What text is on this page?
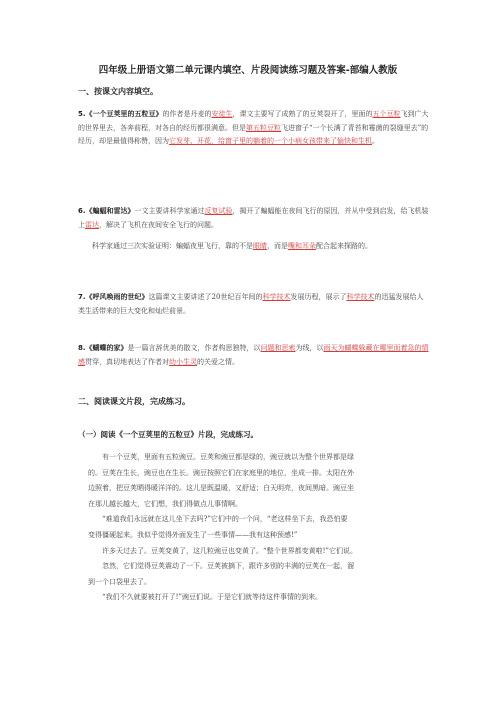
四年级上册语文第二单元课内填空、片段阅读练习题及答案-部编人教版
一、按课文内容填空。

5.《一个豆荚里的五粒豆》的作者是丹麦的安徒生，课文主要写了成熟了的豆荚裂开了，里面的五个豆粒飞到广大的世界里去，各奔前程，对各自的经历都很满意。但是第五粒豆粒飞进窗子“一个长满了青苔和霉菌的裂缝里去”的经历，却是最值得称赞，因为它发芽、开花，给窗子里的躺着的一个小病女孩带来了愉快和生机。

6.《蝙蝠和雷达》一文主要讲科学家通过反复试验，揭开了蝙蝠能在夜间飞行的原因，并从中受到启发，给飞机装上雷达，解决了飞机在夜间安全飞行的问题。

科学家通过三次实验证明：蝙蝠夜里飞行，靠的不是眼睛，而是嘴和耳朵配合起来探路的。

7.《呼风唤雨的世纪》这篇课文主要讲述了20世纪百年间的科学技术发展历程，展示了科学技术的迅猛发展给人类生活带来的巨大变化和灿烂前景。

8.《蝴蝶的家》是一篇言辞优美的散文，作者构思独特，以问题和思索为线，以雨天为蝴蝶躲藏在哪里而着急的情感贯穿，真切地表达了作者对幼小生灵的关爱之情。

二、阅读课文片段，完成练习。
（一）阅读《一个豆荚里的五粒豆》片段，完成练习。
有一个豆荚，里面有五粒豌豆。豆荚和豌豆都是绿的，豌豆就以为整个世界都是绿
的。豆荚在生长，豌豆也在生长。豌豆按照它们在家庭里的地位，坐成一排。太阳在外
边照着，把豆荚晒得暖洋洋的。这儿是既温暖，又舒适；白天明亮，夜间黑暗。豌豆坐
在那儿越长越大，它们想，我们得做点儿事情啊。
“难道我们永远就在这儿坐下去吗?”它们中的一个问，“老这样坐下去，我恐怕要
变得僵硬起来。我似乎觉得外面发生了一些事情——我有这种预感!”
许多天过去了。豆荚变黄了，这几粒豌豆也变黄了。“整个世界都变黄啦!”它们说。
忽然，它们觉得豆荚震动了一下。豆荚被摘下，跟许多别的丰满的豆荚在一起，溜
到一个口袋里去了。
“我们不久就要被打开了!”豌豆们说。于是它们就等待这件事情的到来。
